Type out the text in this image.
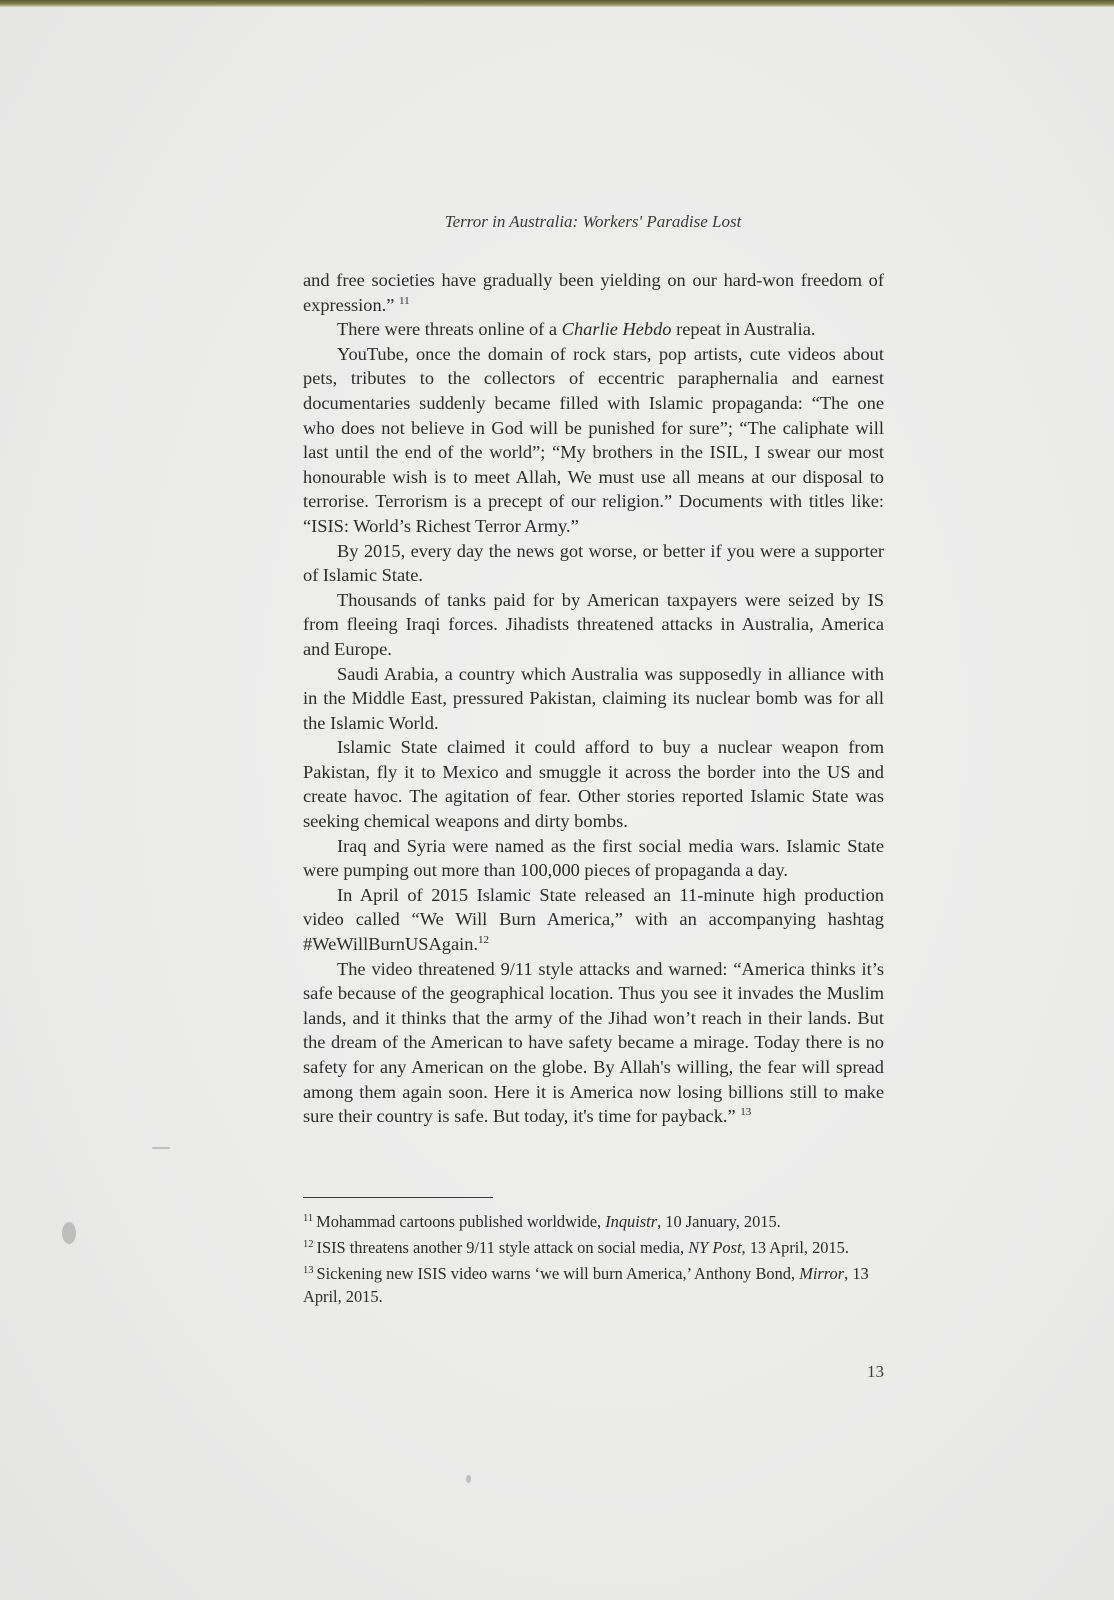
Terror in Australia: Workers' Paradise Lost

and free societies have gradually been yielding on our hard-won freedom of expression.” $^{11}$

There were threats online of a Charlie Hebdo repeat in Australia.

YouTube, once the domain of rock stars, pop artists, cute videos about pets, tributes to the collectors of eccentric paraphernalia and earnest documentaries suddenly became filled with Islamic propaganda: “The one who does not believe in God will be punished for sure”; “The caliphate will last until the end of the world”; “My brothers in the ISIL, I swear our most honourable wish is to meet Allah, We must use all means at our disposal to terrorise. Terrorism is a precept of our religion.” Documents with titles like: “ISIS: World’s Richest Terror Army.”

By 2015, every day the news got worse, or better if you were a supporter of Islamic State.

Thousands of tanks paid for by American taxpayers were seized by IS from fleeing Iraqi forces. Jihadists threatened attacks in Australia, America and Europe.

Saudi Arabia, a country which Australia was supposedly in alliance with in the Middle East, pressured Pakistan, claiming its nuclear bomb was for all the Islamic World.

Islamic State claimed it could afford to buy a nuclear weapon from Pakistan, fly it to Mexico and smuggle it across the border into the US and create havoc. The agitation of fear. Other stories reported Islamic State was seeking chemical weapons and dirty bombs.

Iraq and Syria were named as the first social media wars. Islamic State were pumping out more than 100,000 pieces of propaganda a day.

In April of 2015 Islamic State released an 11-minute high production video called “We Will Burn America,” with an accompanying hashtag #WeWillBurnUSAgain.$^{12}$

The video threatened 9/11 style attacks and warned: “America thinks it’s safe because of the geographical location. Thus you see it invades the Muslim lands, and it thinks that the army of the Jihad won’t reach in their lands. But the dream of the American to have safety became a mirage. Today there is no safety for any American on the globe. By Allah's willing, the fear will spread among them again soon. Here it is America now losing billions still to make sure their country is safe. But today, it's time for payback.” $^{13}$

$^{11}$ Mohammad cartoons published worldwide, Inquistr, 10 January, 2015.

$^{12}$ ISIS threatens another 9/11 style attack on social media, NY Post, 13 April, 2015.

$^{13}$ Sickening new ISIS video warns ‘we will burn America,’ Anthony Bond, Mirror, 13 April, 2015.

13
